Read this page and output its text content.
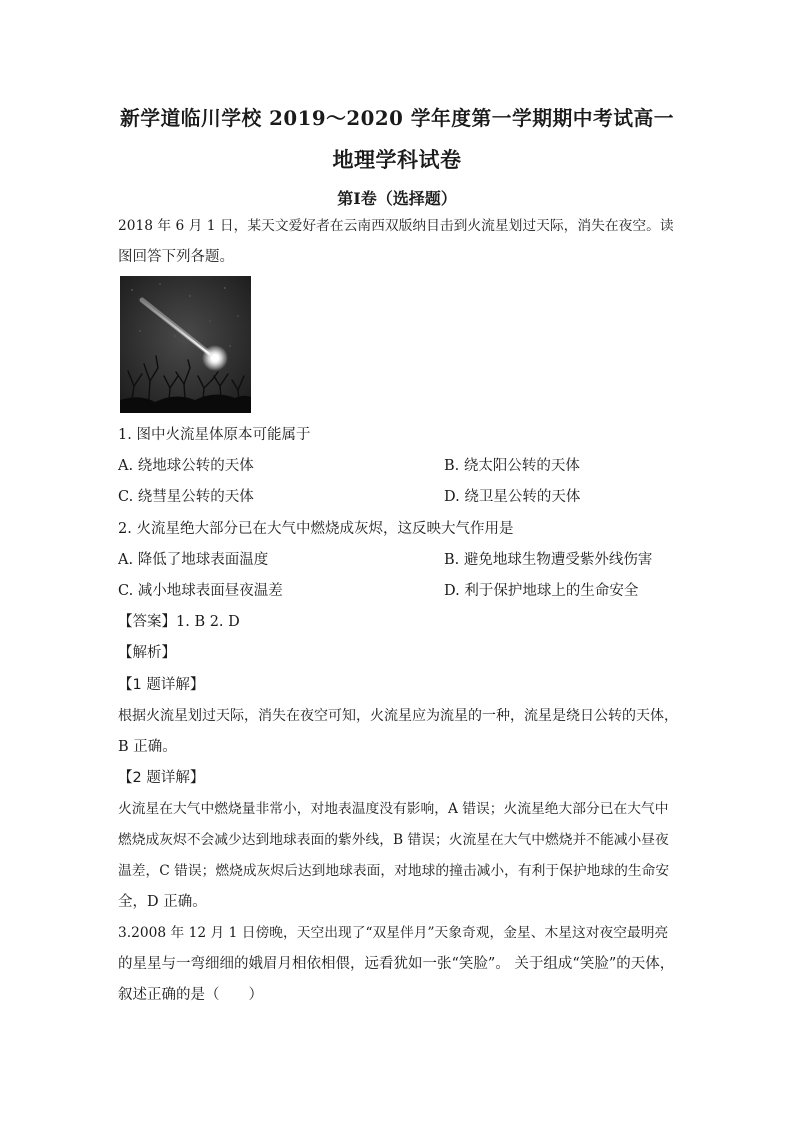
新学道临川学校 2019～2020 学年度第一学期期中考试高一
地理学科试卷
第Ⅰ卷（选择题）
2018 年 6 月 1 日，某天文爱好者在云南西双版纳目击到火流星划过天际，消失在夜空。读
图回答下列各题。
1. 图中火流星体原本可能属于
A. 绕地球公转的天体	B. 绕太阳公转的天体
C. 绕彗星公转的天体	D. 绕卫星公转的天体
2. 火流星绝大部分已在大气中燃烧成灰烬，这反映大气作用是
A. 降低了地球表面温度	B. 避免地球生物遭受紫外线伤害
C. 减小地球表面昼夜温差	D. 利于保护地球上的生命安全
【答案】1. B 2. D
【解析】
【1 题详解】
根据火流星划过天际，消失在夜空可知，火流星应为流星的一种，流星是绕日公转的天体，
B 正确。
【2 题详解】
火流星在大气中燃烧量非常小，对地表温度没有影响，A 错误；火流星绝大部分已在大气中
燃烧成灰烬不会减少达到地球表面的紫外线，B 错误；火流星在大气中燃烧并不能减小昼夜
温差，C 错误；燃烧成灰烬后达到地球表面，对地球的撞击减小，有利于保护地球的生命安
全，D 正确。
3.2008 年 12 月 1 日傍晚，天空出现了“双星伴月”天象奇观，金星、木星这对夜空最明亮
的星星与一弯细细的娥眉月相依相偎，远看犹如一张“笑脸”。 关于组成“笑脸”的天体，
叙述正确的是（　　）
